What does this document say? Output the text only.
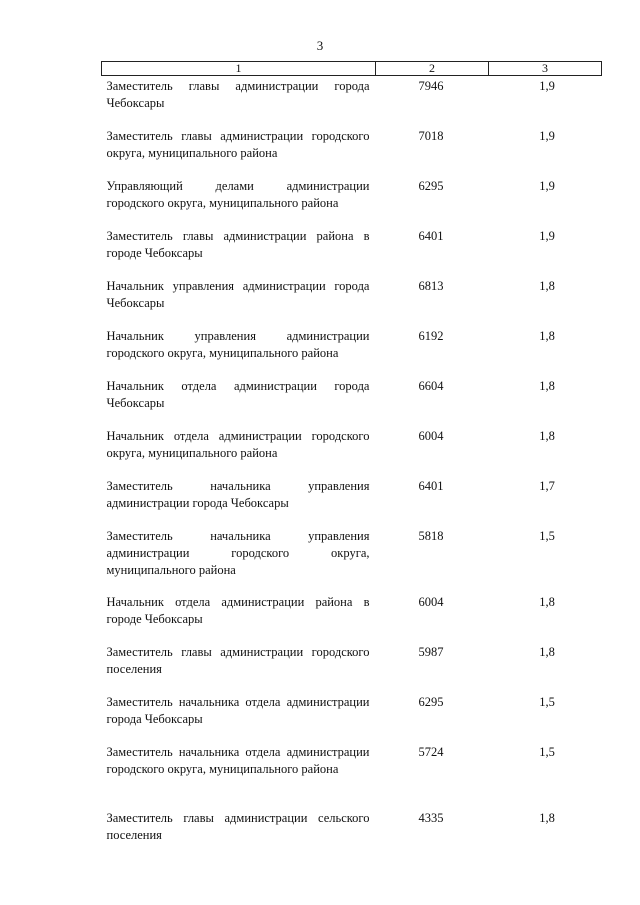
3
1	2	3
Заместитель главы администрации города Чебоксары	7946	1,9
Заместитель главы администрации городского округа, муниципального района	7018	1,9
Управляющий делами администрации городского округа, муниципального района	6295	1,9
Заместитель главы администрации района в городе Чебоксары	6401	1,9
Начальник управления администрации города Чебоксары	6813	1,8
Начальник управления администрации городского округа, муниципального района	6192	1,8
Начальник отдела администрации города Чебоксары	6604	1,8
Начальник отдела администрации городского округа, муниципального района	6004	1,8
Заместитель начальника управления администрации города Чебоксары	6401	1,7
Заместитель начальника управления администрации городского округа, муниципального района	5818	1,5
Начальник отдела администрации района в городе Чебоксары	6004	1,8
Заместитель главы администрации городского поселения	5987	1,8
Заместитель начальника отдела администрации города Чебоксары	6295	1,5
Заместитель начальника отдела администрации городского округа, муниципального района	5724	1,5
Заместитель главы администрации сельского поселения	4335	1,8
